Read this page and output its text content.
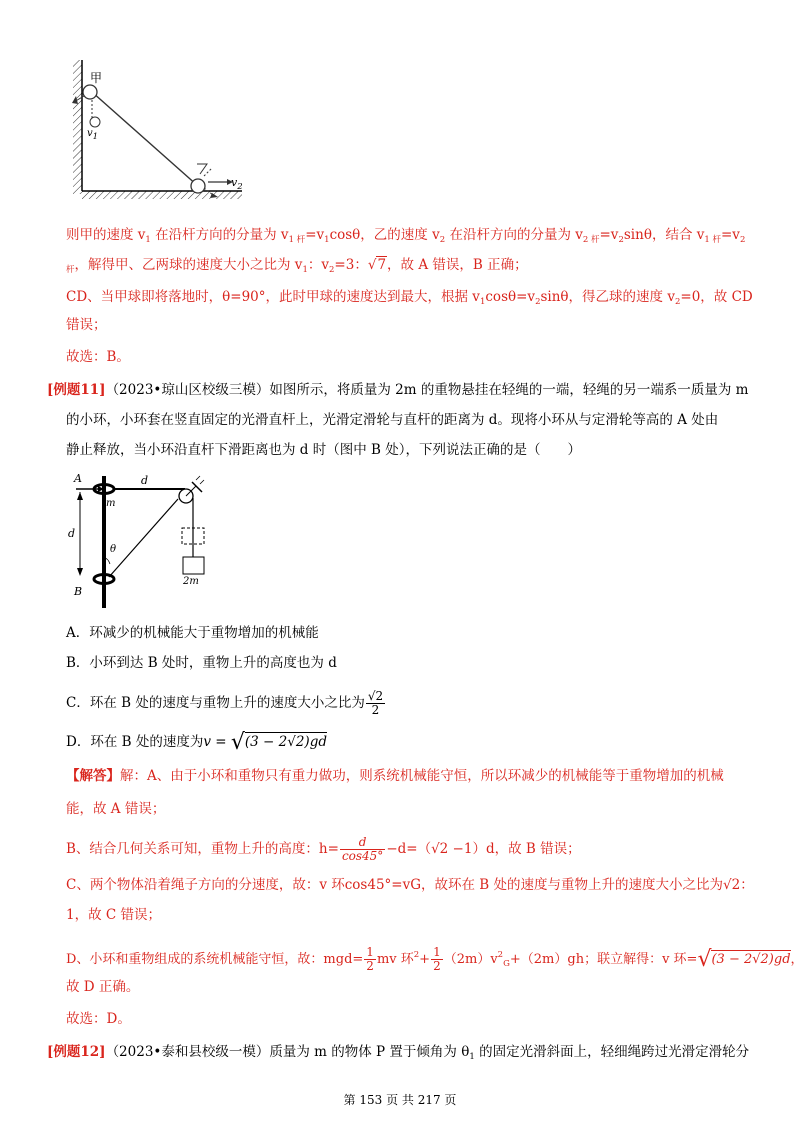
甲
$v_1$
$v_2$
则甲的速度 $v_1$ 在沿杆方向的分量为 $v_{1 杆}=v_1\cos\theta$，乙的速度 $v_2$ 在沿杆方向的分量为 $v_{2 杆}=v_2\sin\theta$，结合 $v_{1 杆}=v_2$
$_杆$，解得甲、乙两球的速度大小之比为 $v_1$：$v_2=3$：√7，故 A 错误，B 正确；
CD、当甲球即将落地时，θ=90°，此时甲球的速度达到最大，根据 $v_1\cos\theta=v_2\sin\theta$，得乙球的速度 $v_2=0$，故 CD
错误；
故选：B。
[例题11]（2023•琼山区校级三模）如图所示，将质量为 2m 的重物悬挂在轻绳的一端，轻绳的另一端系一质量为 m
的小环，小环套在竖直固定的光滑直杆上，光滑定滑轮与直杆的距离为 d。现将小环从与定滑轮等高的 A 处由
静止释放，当小环沿直杆下滑距离也为 d 时（图中 B 处），下列说法正确的是（　　）
A	d
m
d
θ
2m
B
A．环减少的机械能大于重物增加的机械能
B．小环到达 B 处时，重物上升的高度也为 d
C．环在 B 处的速度与重物上升的速度大小之比为 $\frac{√2}{2}$
D．环在 B 处的速度为v = √(3 − 2√2)gd
【解答】解：A、由于小环和重物只有重力做功，则系统机械能守恒，所以环减少的机械能等于重物增加的机械
能，故 A 错误；
B、结合几何关系可知，重物上升的高度：$h= \frac{d}{\cos 45^\circ} -d=(√2 -1)d$，故 B 错误；
C、两个物体沿着绳子方向的分速度，故：v 环cos45°=vG，故环在 B 处的速度与重物上升的速度大小之比为√2：
1，故 C 错误；
D、小环和重物组成的系统机械能守恒，故：$mgd= \frac{1}{2}$ mv 环$^2+ \frac{1}{2} (2m)v^2_G+(2m)gh$；联立解得：v 环=√(3 − 2√2)gd，
故 D 正确。
故选：D。
[例题12]（2023•泰和县校级一模）质量为 m 的物体 P 置于倾角为 $\theta_1$ 的固定光滑斜面上，轻细绳跨过光滑定滑轮分
第 153 页 共 217 页
